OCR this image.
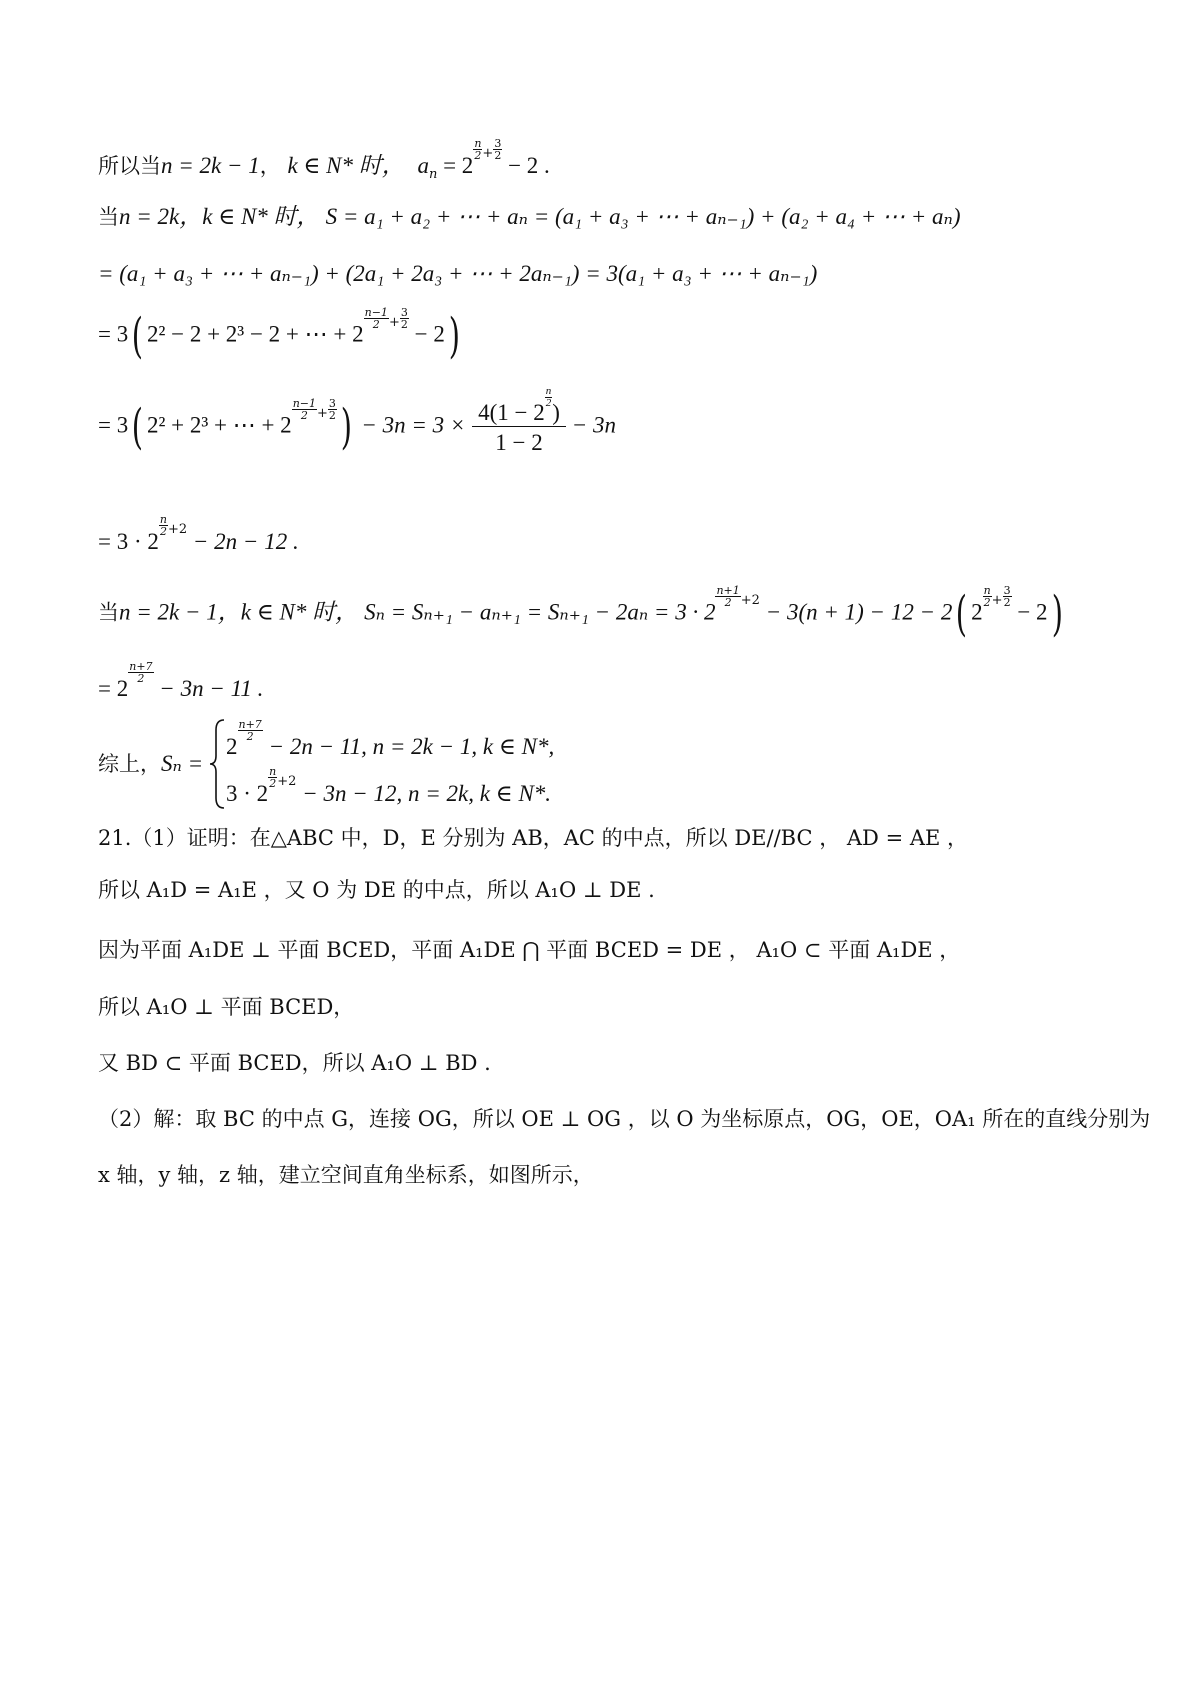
所以当n = 2k − 1， k ∈ N* 时， $a_n = 2$
$\frac{n}{2} + \frac{3}{2}$
− 2 .
当n = 2k，k ∈ N* 时， S = a₁ + a₂ + ⋯ + aₙ = (a₁ + a₃ + ⋯ + aₙ₋₁) + (a₂ + a₄ + ⋯ + aₙ)
= (a₁ + a₃ + ⋯ + aₙ₋₁) + (2a₁ + 2a₃ + ⋯ + 2aₙ₋₁) = 3(a₁ + a₃ + ⋯ + aₙ₋₁)
= 3( 2² − 2 + 2³ − 2 + ⋯ + 2
$\frac{n-1}{2} + \frac{3}{2}$
− 2)
= 3( 2² + 2³ + ⋯ + 2
$\frac{n-1}{2} + \frac{3}{2}$ ) − 3n = 3 × 4(1 − 2
$\frac{n}{2}$
)
1 − 2 − 3n
= 3 · 2
$\frac{n}{2} +2 - 2n - 12$ .
当n = 2k − 1，k ∈ N* 时， Sₙ = Sₙ₊₁ − aₙ₊₁ = Sₙ₊₁ − 2aₙ = 3 · 2
$\frac{n+1}{2} +2 - 3(n + 1) - 12 - 2$( 2
$\frac{n}{2} + \frac{3}{2}$
− 2)
= 2
$\frac{n+7}{2}$
− 3n − 11 .
综上，Sₙ =
2
$\frac{n+7}{2}$
− 2n − 11, n = 2k − 1, k ∈ N*,
3 · 2
$\frac{n}{2} +2 - 3n - 12$, n = 2k, k ∈ N*.
21.（1）证明：在△ABC 中，D，E 分别为 AB，AC 的中点，所以 DE//BC ， AD = AE ，
所以 A₁D = A₁E ，又 O 为 DE 的中点，所以 A₁O ⊥ DE .
因为平面 A₁DE ⊥ 平面 BCED，平面 A₁DE ⋂ 平面 BCED = DE ， A₁O ⊂ 平面 A₁DE ，
所以 A₁O ⊥ 平面 BCED，
又 BD ⊂ 平面 BCED，所以 A₁O ⊥ BD .
（2）解：取 BC 的中点 G，连接 OG，所以 OE ⊥ OG ，以 O 为坐标原点，OG，OE，OA₁ 所在的直线分别为
x 轴，y 轴，z 轴，建立空间直角坐标系，如图所示，
